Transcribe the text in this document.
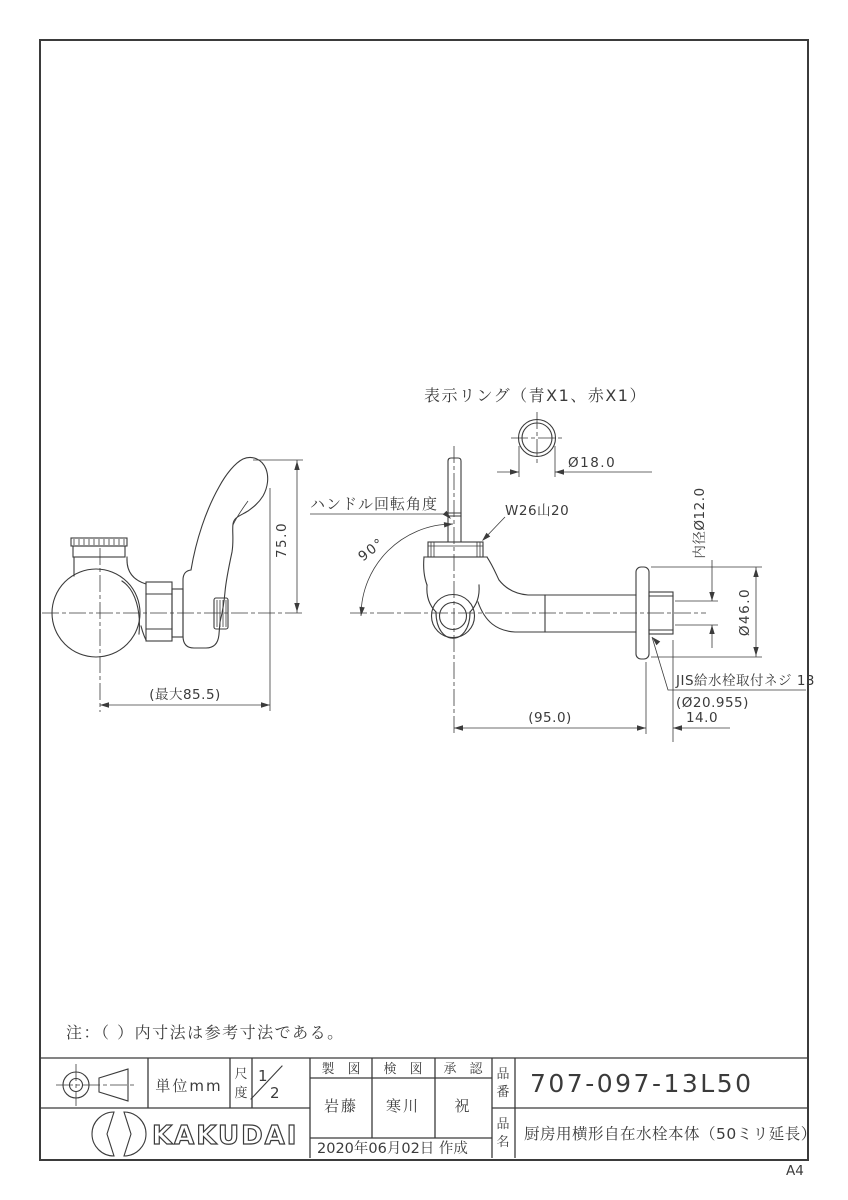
表示リング（青X1、赤X1）
Ø18.0
75.0
(最大85.5)
ハンドル回転角度
90°
W26山20
(95.0)	14.0
Ø46.0
内径Ø12.0
JIS給水栓取付ネジ 13
(Ø20.955)
注：（ ）内寸法は参考寸法である。
単位mm
尺
度
1
2
製　図 検　図 承　認
岩藤 寒川 祝
2020年06月02日 作成
品
番
品
名
707-097-13L50
厨房用横形自在水栓本体（50ミリ延長）
KAKUDAI
A4
